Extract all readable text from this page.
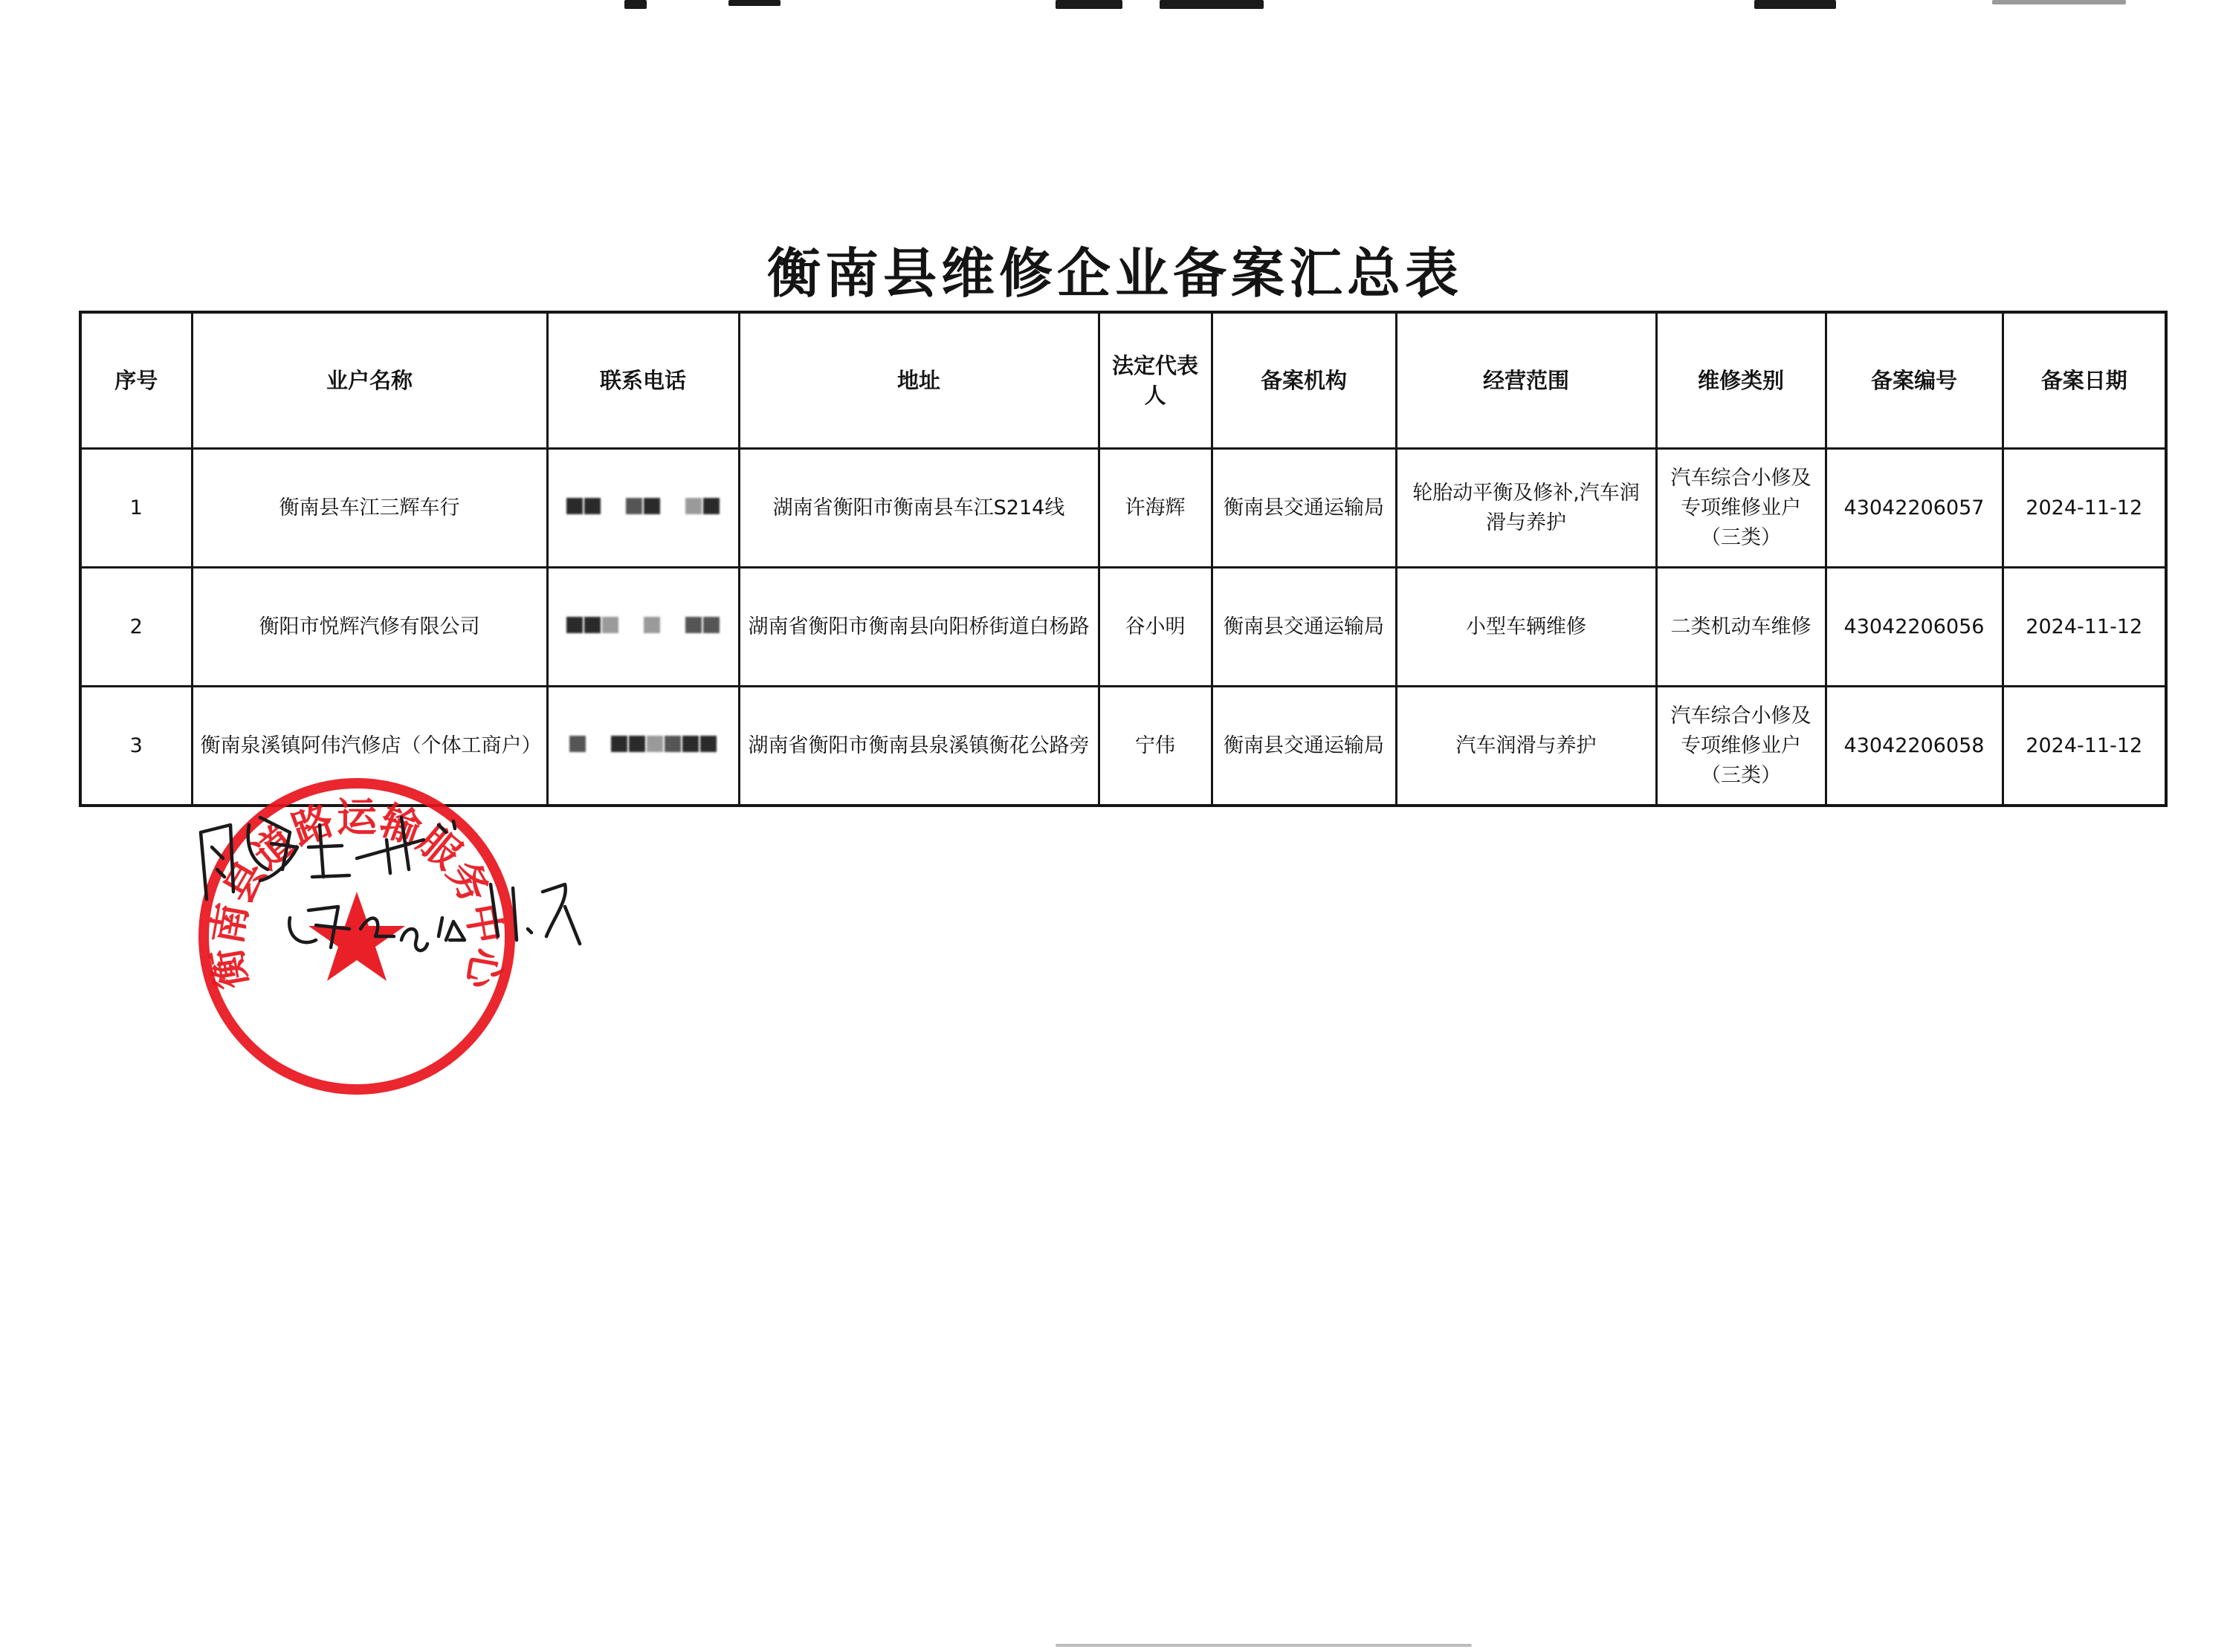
衡南县维修企业备案汇总表
序号	业户名称	联系电话	地址	法定代表人	备案机构	经营范围	维修类别	备案编号	备案日期
1	衡南县车江三辉车行		湖南省衡阳市衡南县车江S214线	许海辉	衡南县交通运输局	轮胎动平衡及修补,汽车润滑与养护	汽车综合小修及专项维修业户（三类）	43042206057	2024-11-12
2	衡阳市悦辉汽修有限公司		湖南省衡阳市衡南县向阳桥街道白杨路	谷小明	衡南县交通运输局	小型车辆维修	二类机动车维修	43042206056	2024-11-12
3	衡南泉溪镇阿伟汽修店（个体工商户）		湖南省衡阳市衡南县泉溪镇衡花公路旁	宁伟	衡南县交通运输局	汽车润滑与养护	汽车综合小修及专项维修业户（三类）	43042206058	2024-11-12
衡南县道路运输服务中心
